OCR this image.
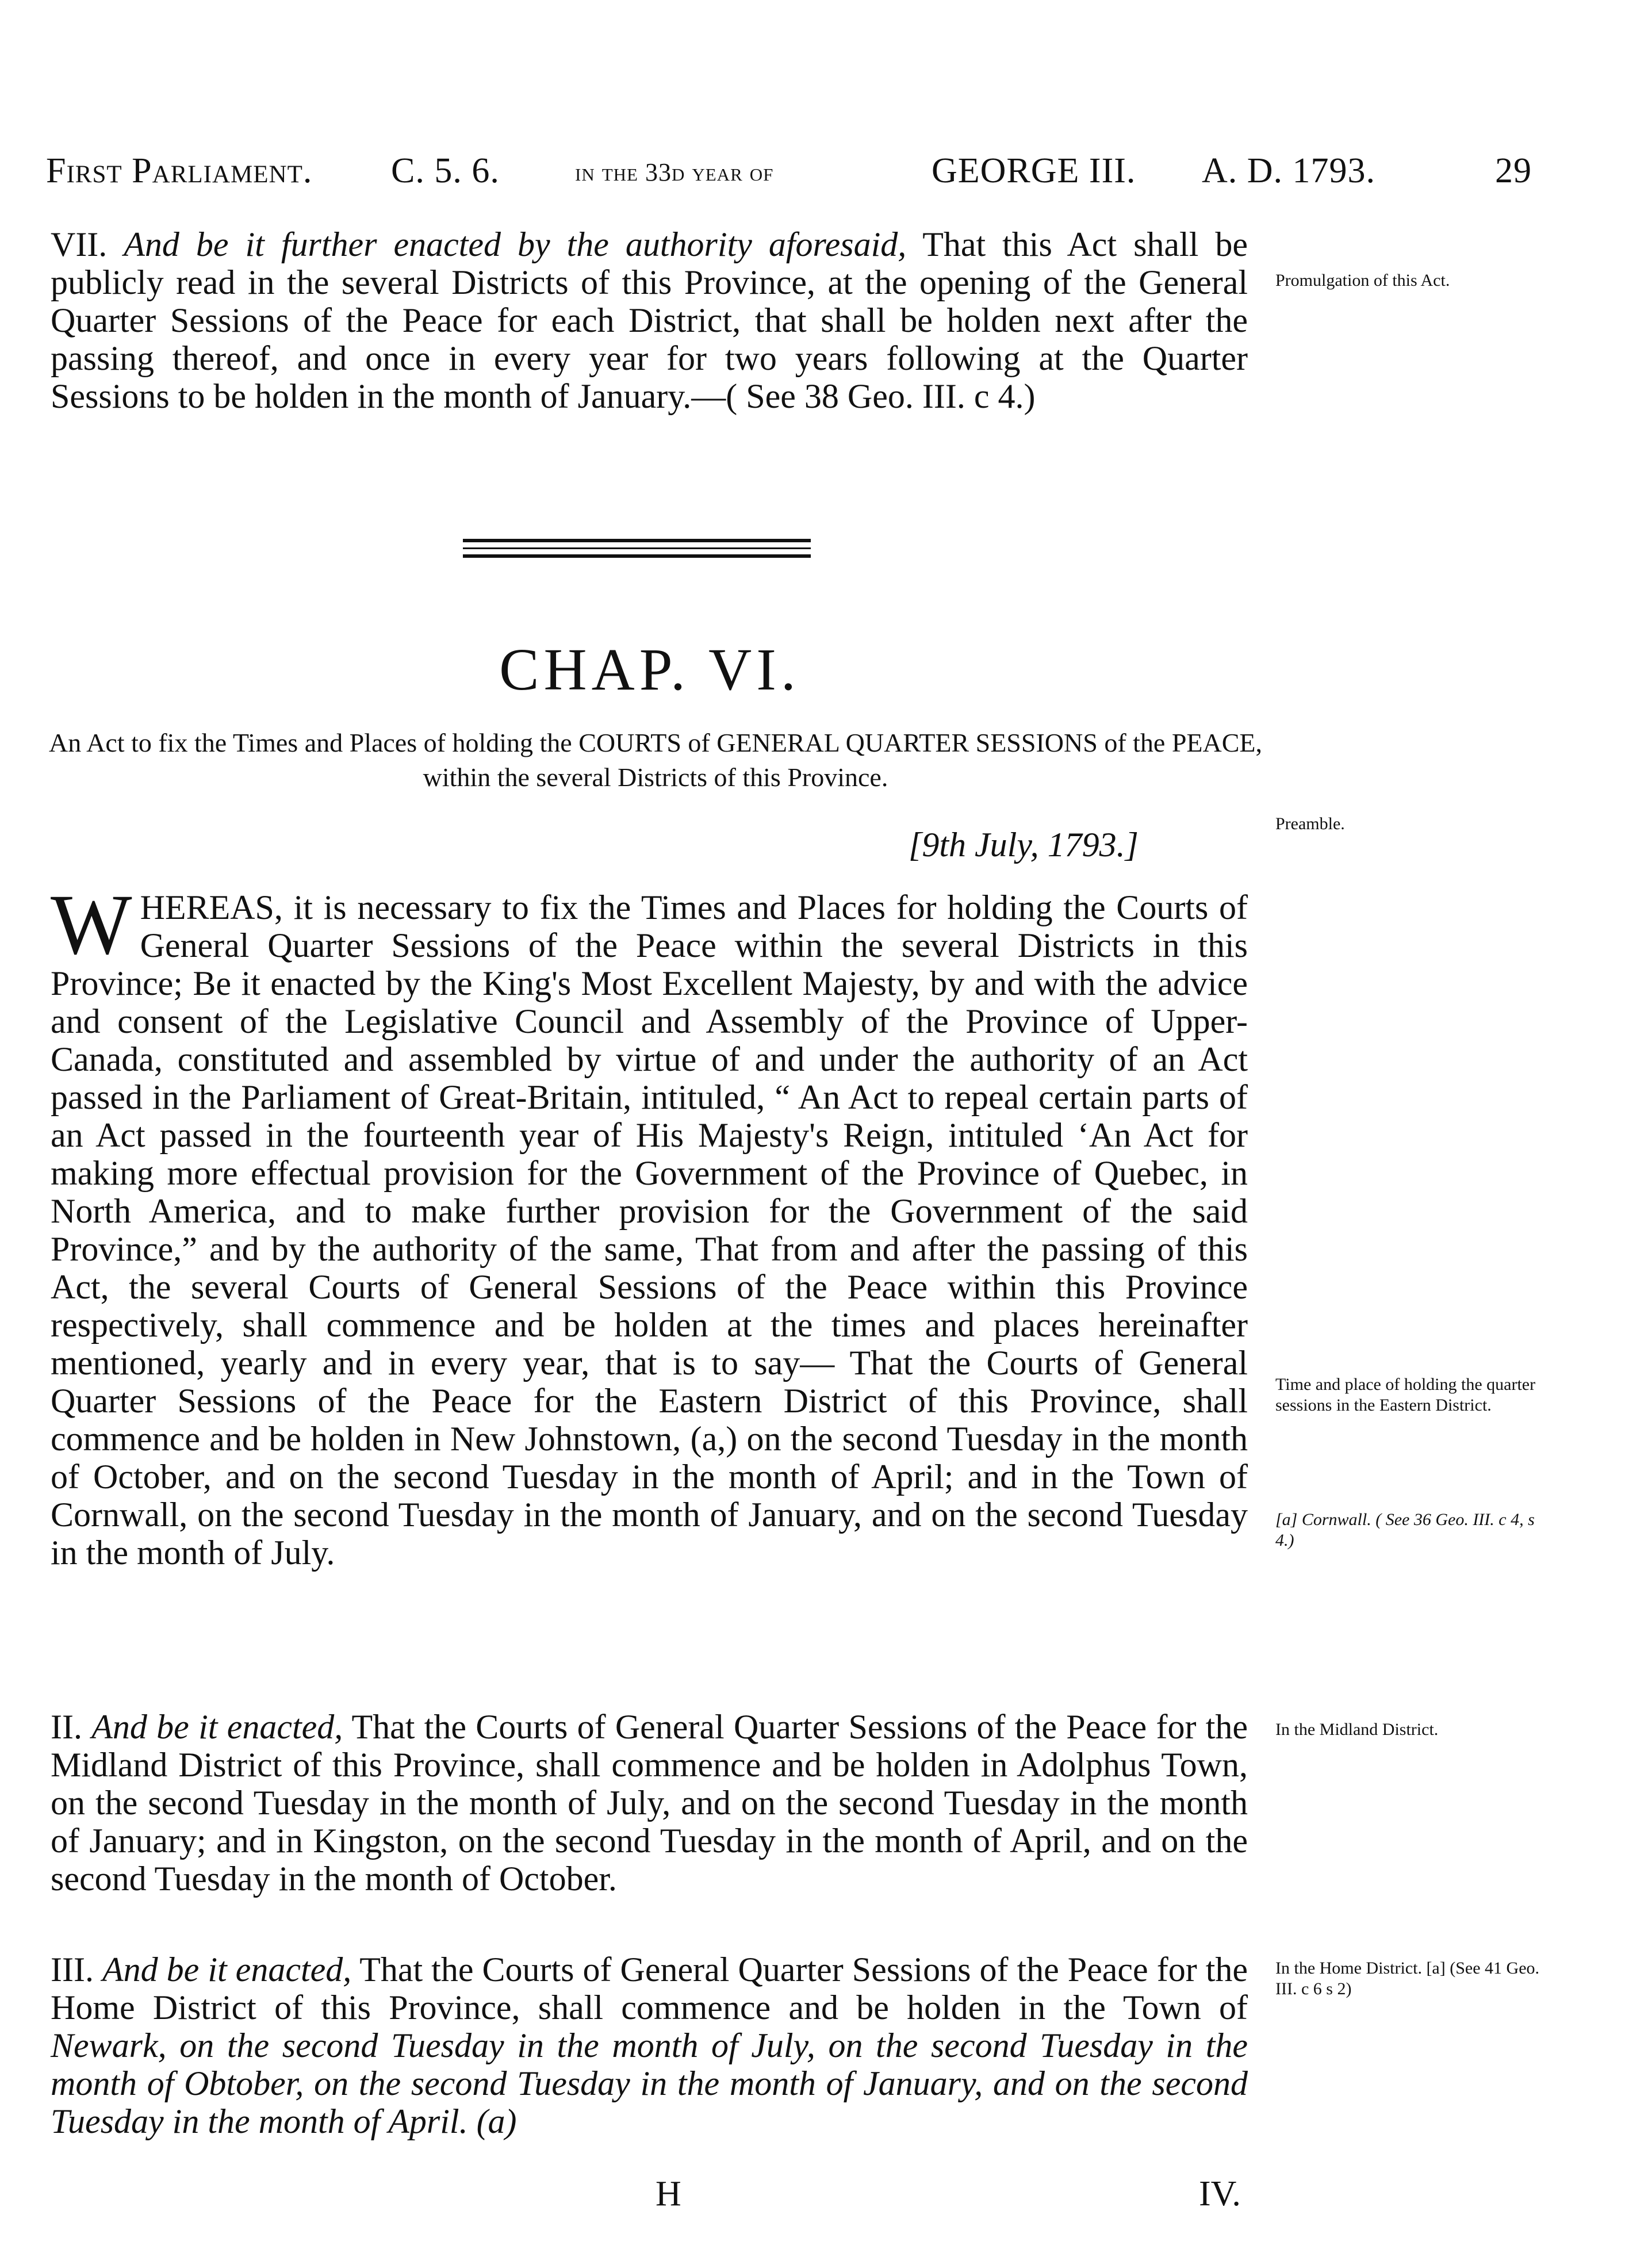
First Parliament. C. 5. 6.	in the 33d year of	GEORGE III. A. D. 1793.	29

VII. And be it further enacted by the authority aforesaid, That this Act shall be publicly read in the several Districts of this Province, at the opening of the General Quarter Sessions of the Peace for each District, that shall be holden next after the passing thereof, and once in every year for two years following at the Quarter Sessions to be holden in the month of January.—( See 38 Geo. III. c 4.)

Promulgation of this Act.
CHAP. VI.
An Act to fix the Times and Places of holding the COURTS of GENERAL QUARTER SESSIONS of the PEACE, within the several Districts of this Province.
[9th July, 1793.]
Preamble.

W HEREAS, it is necessary to fix the Times and Places for holding the Courts of General Quarter Sessions of the Peace within the several Districts in this Province; Be it enacted by the King's Most Excellent Majesty, by and with the advice and consent of the Legislative Council and Assembly of the Province of Upper-Canada, constituted and assembled by virtue of and under the authority of an Act passed in the Parliament of Great-Britain, intituled, “ An Act to repeal certain parts of an Act passed in the fourteenth year of His Majesty's Reign, intituled ‘An Act for making more effectual provision for the Government of the Province of Quebec, in North America, and to make further provision for the Government of the said Province,” and by the authority of the same, That from and after the passing of this Act, the several Courts of General Sessions of the Peace within this Province respectively, shall commence and be holden at the times and places hereinafter mentioned, yearly and in every year, that is to say— That the Courts of General Quarter Sessions of the Peace for the Eastern District of this Province, shall commence and be holden in New Johnstown, (a,) on the second Tuesday in the month of October, and on the second Tuesday in the month of April; and in the Town of Cornwall, on the second Tuesday in the month of January, and on the second Tuesday in the month of July.

Time and place of holding the quarter sessions in the Eastern District.
[a] Cornwall. ( See 36 Geo. III. c 4, s 4.)

II. And be it enacted, That the Courts of General Quarter Sessions of the Peace for the Midland District of this Province, shall commence and be holden in Adolphus Town, on the second Tuesday in the month of July, and on the second Tuesday in the month of January; and in Kingston, on the second Tuesday in the month of April, and on the second Tuesday in the month of October.

In the Midland District.

III. And be it enacted, That the Courts of General Quarter Sessions of the Peace for the Home District of this Province, shall commence and be holden in the Town of Newark, on the second Tuesday in the month of July, on the second Tuesday in the month of Obtober, on the second Tuesday in the month of January, and on the second Tuesday in the month of April. (a)

In the Home District. [a] (See 41 Geo. III. c 6 s 2)
H	IV.
